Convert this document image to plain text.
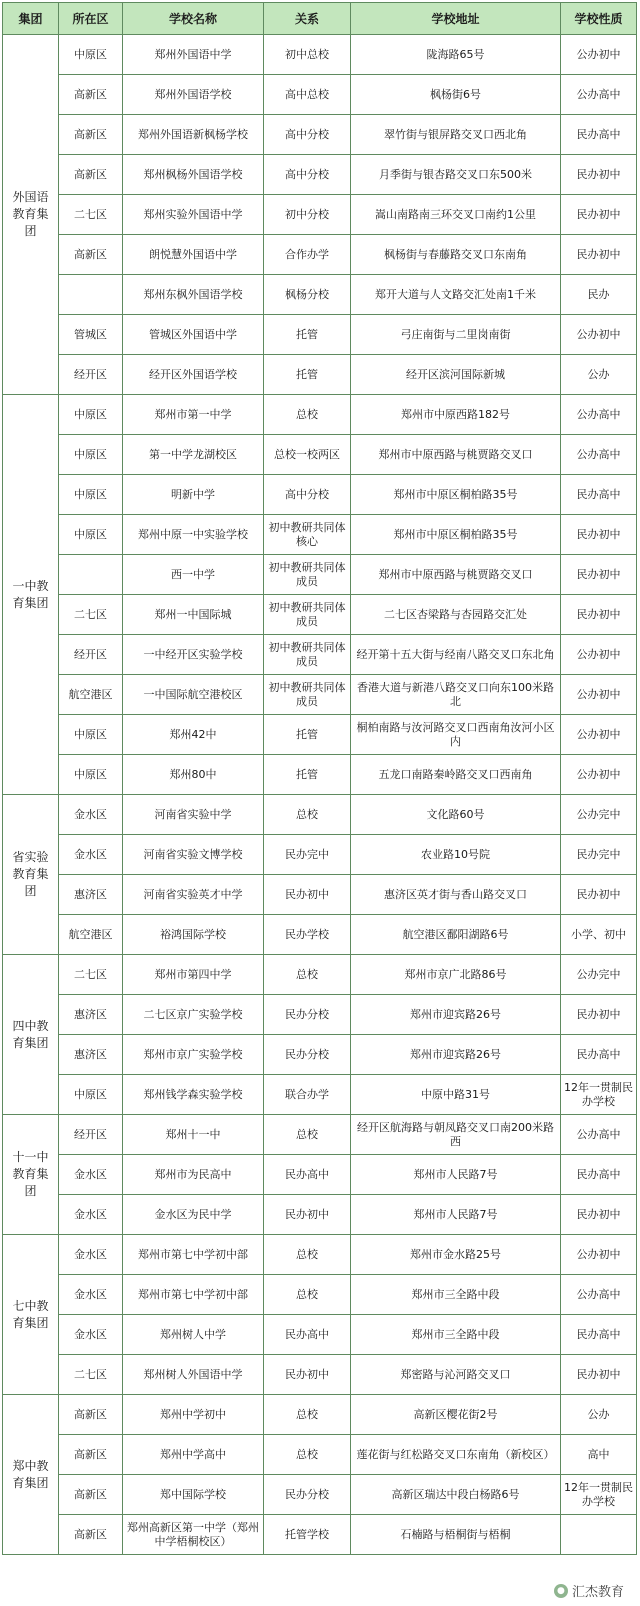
集团	所在区	学校名称	关系	学校地址	学校性质
外国语教育集团	中原区	郑州外国语中学	初中总校	陇海路65号	公办初中
	高新区	郑州外国语学校	高中总校	枫杨街6号	公办高中
	高新区	郑州外国语新枫杨学校	高中分校	翠竹街与银屏路交叉口西北角	民办高中
	高新区	郑州枫杨外国语学校	高中分校	月季街与银杏路交叉口东500米	民办初中
	二七区	郑州实验外国语中学	初中分校	嵩山南路南三环交叉口南约1公里	民办初中
	高新区	朗悦慧外国语中学	合作办学	枫杨街与春藤路交叉口东南角	民办初中
		郑州东枫外国语学校	枫杨分校	郑开大道与人文路交汇处南1千米	民办
	管城区	管城区外国语中学	托管	弓庄南街与二里岗南街	公办初中
	经开区	经开区外国语学校	托管	经开区滨河国际新城	公办
一中教育集团	中原区	郑州市第一中学	总校	郑州市中原西路182号	公办高中
	中原区	第一中学龙湖校区	总校一校两区	郑州市中原西路与桃贾路交叉口	公办高中
	中原区	明新中学	高中分校	郑州市中原区桐柏路35号	民办高中
	中原区	郑州中原一中实验学校	初中教研共同体核心	郑州市中原区桐柏路35号	民办初中
		西一中学	初中教研共同体成员	郑州市中原西路与桃贾路交叉口	民办初中
	二七区	郑州一中国际城	初中教研共同体成员	二七区杏梁路与杏园路交汇处	民办初中
	经开区	一中经开区实验学校	初中教研共同体成员	经开第十五大街与经南八路交叉口东北角	公办初中
	航空港区	一中国际航空港校区	初中教研共同体成员	香港大道与新港八路交叉口向东100米路北	公办初中
	中原区	郑州42中	托管	桐柏南路与汝河路交叉口西南角汝河小区内	公办初中
	中原区	郑州80中	托管	五龙口南路秦岭路交叉口西南角	公办初中
省实验教育集团	金水区	河南省实验中学	总校	文化路60号	公办完中
	金水区	河南省实验文博学校	民办完中	农业路10号院	民办完中
	惠济区	河南省实验英才中学	民办初中	惠济区英才街与香山路交叉口	民办初中
	航空港区	裕鸿国际学校	民办学校	航空港区鄱阳湖路6号	小学、初中
四中教育集团	二七区	郑州市第四中学	总校	郑州市京广北路86号	公办完中
	惠济区	二七区京广实验学校	民办分校	郑州市迎宾路26号	民办初中
	惠济区	郑州市京广实验学校	民办分校	郑州市迎宾路26号	民办高中
	中原区	郑州钱学森实验学校	联合办学	中原中路31号	12年一贯制民办学校
十一中教育集团	经开区	郑州十一中	总校	经开区航海路与朝凤路交叉口南200米路西	公办高中
	金水区	郑州市为民高中	民办高中	郑州市人民路7号	民办高中
	金水区	金水区为民中学	民办初中	郑州市人民路7号	民办初中
七中教育集团	金水区	郑州市第七中学初中部	总校	郑州市金水路25号	公办初中
	金水区	郑州市第七中学初中部	总校	郑州市三全路中段	公办高中
	金水区	郑州树人中学	民办高中	郑州市三全路中段	民办高中
	二七区	郑州树人外国语中学	民办初中	郑密路与沁河路交叉口	民办初中
郑中教育集团	高新区	郑州中学初中	总校	高新区樱花街2号	公办
	高新区	郑州中学高中	总校	莲花街与红松路交叉口东南角（新校区）	高中
	高新区	郑中国际学校	民办分校	高新区瑞达中段白杨路6号	12年一贯制民办学校
	高新区	郑州高新区第一中学（郑州中学梧桐校区）	托管学校	石楠路与梧桐街与梧桐	
● 汇杰教育
